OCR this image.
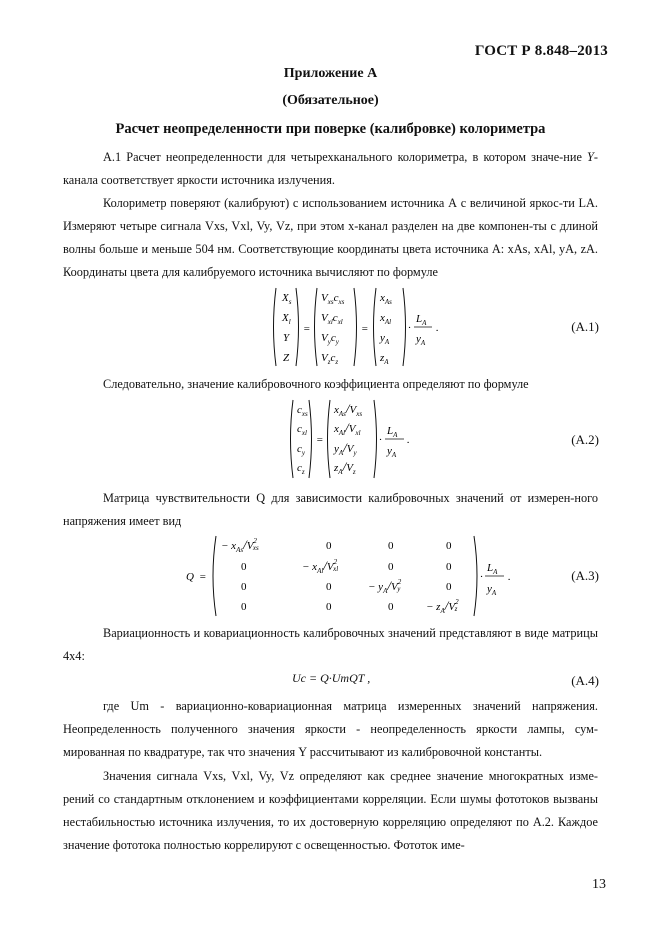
ГОСТ Р 8.848–2013
Приложение А
(Обязательное)
Расчет неопределенности при поверке (калибровке) колориметра

А.1 Расчет неопределенности для четырехканального колориметра, в котором значе-ние Y-канала соответствует яркости источника излучения.

Колориметр поверяют (калибруют) с использованием источника А с величиной яркос-ти LA. Измеряют четыре сигнала Vxs, Vxl, Vy, Vz, при этом x-канал разделен на две компонен-ты с длиной волны больше и меньше 504 нм. Соответствующие координаты цвета источника А: xAs, xAl, yA, zA. Координаты цвета для калибруемого источника вычисляют по формуле

$X_s$
$X_l$
Y
Z
=
$V_{xs}c_{xs}$
$V_{xl}c_{xl}$
$V_yc_y$
$V_zc_z$
=
$x_{As}$
$x_{Al}$
$y_A$
$z_A$
·
$L_A$
$y_A$
.	(А.1)

Следовательно, значение калибровочного коэффициента определяют по формуле

$c_{xs}$
$c_{xl}$
$c_y$
$c_z$
=
$x_{As}/V_{xs}$
$x_{Al}/V_{xl}$
$y_A/V_y$
$z_A/V_z$
·
$L_A$
$y_A$
.	(А.2)

Матрица чувствительности Q для зависимости калибровочных значений от измерен-ного напряжения имеет вид

Q =
− $x_{As}/V^2$ xs	0	0	0
0	− $x_{Al}/V^2$ xl	0	0
0	0	− $y_A/V^2$ y	0
0	0	0	− $z_A/V^2$ z
·
$L_A$
$y_A$
.	(А.3)

Вариационность и ковариационность калибровочных значений представляют в виде матрицы 4х4:

Uc = Q·UmQT ,	(А.4)

где Um - вариационно-ковариационная матрица измеренных значений напряжения. Неопределенность полученного значения яркости - неопределенность яркости лампы, сум-мированная по квадратуре, так что значения Y рассчитывают из калибровочной константы.

Значения сигнала Vxs, Vxl, Vy, Vz определяют как среднее значение многократных изме-рений со стандартным отклонением и коэффициентами корреляции. Если шумы фототоков вызваны нестабильностью источника излучения, то их достоверную корреляцию определяют по А.2. Каждое значение фототока полностью коррелируют с освещенностью. Фототок име-

13
